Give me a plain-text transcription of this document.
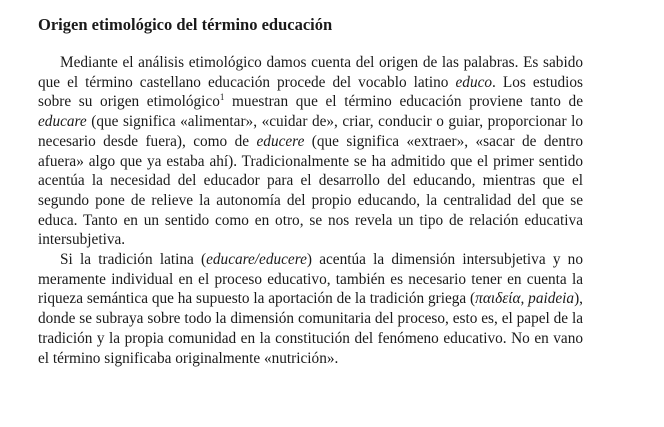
Origen etimológico del término educación

Mediante el análisis etimológico damos cuenta del origen de las palabras. Es sabido que el término castellano educación procede del vocablo latino educo. Los estudios sobre su origen etimológico$^1$ muestran que el término educación proviene tanto de educare (que significa «alimentar», «cuidar de», criar, conducir o guiar, proporcionar lo necesario desde fuera), como de educere (que significa «extraer», «sacar de dentro afuera» algo que ya estaba ahí). Tradicionalmente se ha admitido que el primer sentido acentúa la necesidad del educador para el desarrollo del educando, mientras que el segundo pone de relieve la autonomía del propio educando, la centralidad del que se educa. Tanto en un sentido como en otro, se nos revela un tipo de relación educativa intersubjetiva.

Si la tradición latina (educare/educere) acentúa la dimensión intersubjetiva y no meramente individual en el proceso educativo, también es necesario tener en cuenta la riqueza semántica que ha supuesto la aportación de la tradición griega (παιδεία, paideia), donde se subraya sobre todo la dimensión comunitaria del proceso, esto es, el papel de la tradición y la propia comunidad en la constitución del fenómeno educativo. No en vano el término significaba originalmente «nutrición».
